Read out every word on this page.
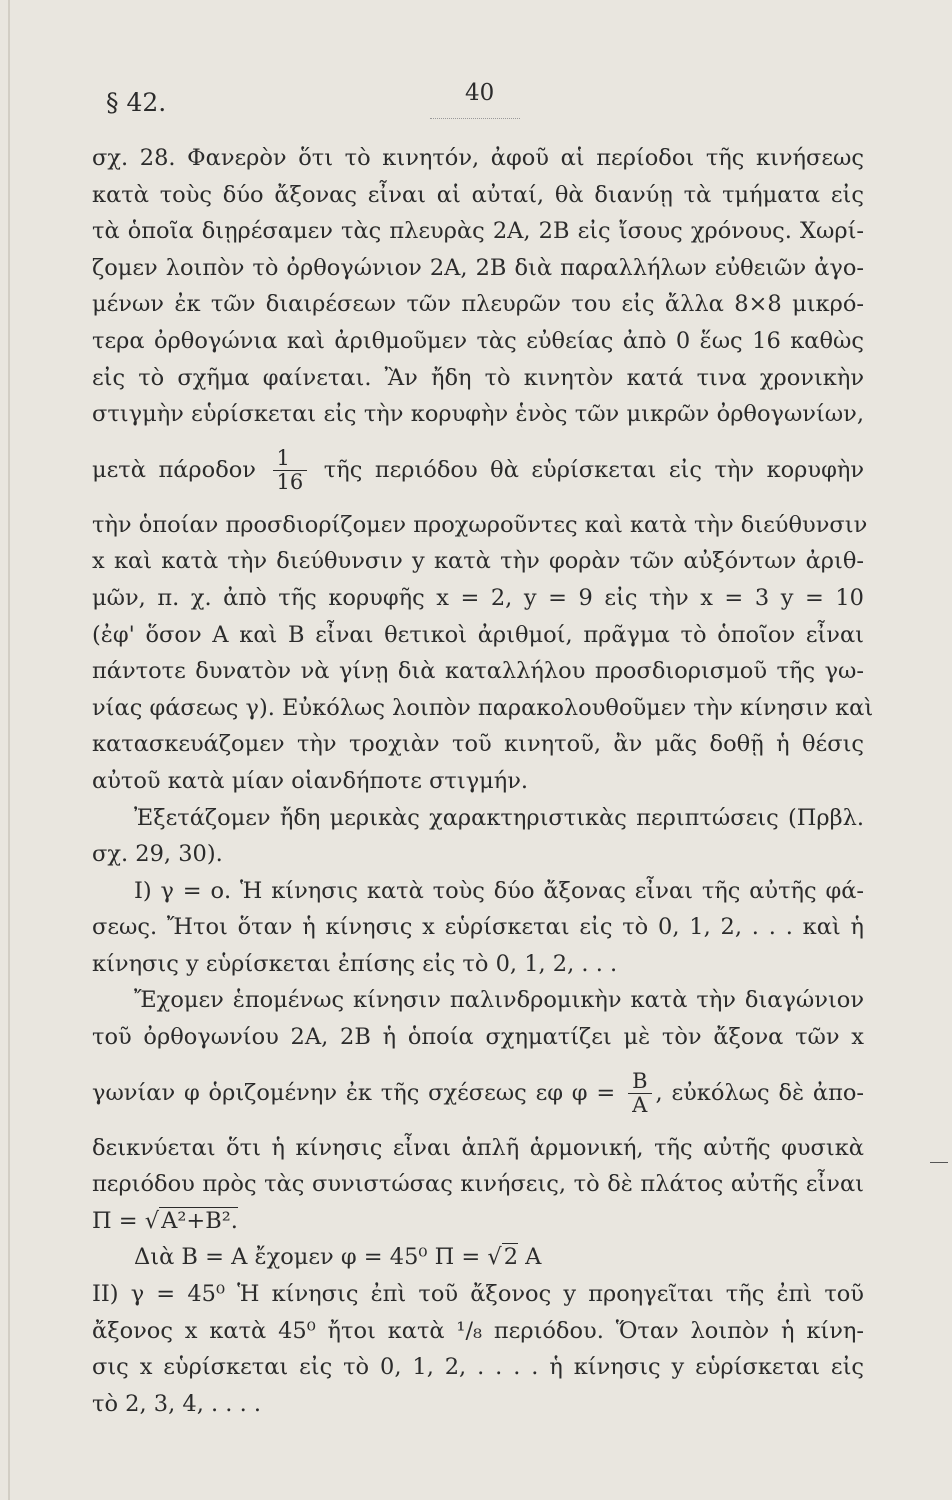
§ 42.	40
σχ. 28. Φανερὸν ὅτι τὸ κινητόν, ἀφοῦ αἱ περίοδοι τῆς κινήσεως
κατὰ τοὺς δύο ἄξονας εἶναι αἱ αὐταί, θὰ διανύῃ τὰ τμήματα εἰς
τὰ ὁποῖα διῃρέσαμεν τὰς πλευρὰς 2Α, 2Β εἰς ἴσους χρόνους. Χωρί-
ζομεν λοιπὸν τὸ ὀρθογώνιον 2Α, 2Β διὰ παραλλήλων εὐθειῶν ἀγο-
μένων ἐκ τῶν διαιρέσεων τῶν πλευρῶν του εἰς ἄλλα 8×8 μικρό-
τερα ὀρθογώνια καὶ ἀριθμοῦμεν τὰς εὐθείας ἀπὸ 0 ἕως 16 καθὼς
εἰς τὸ σχῆμα φαίνεται. Ἂν ἤδη τὸ κινητὸν κατά τινα χρονικὴν
στιγμὴν εὑρίσκεται εἰς τὴν κορυφὴν ἑνὸς τῶν μικρῶν ὀρθογωνίων,
μετὰ πάροδον $\frac{1}{16}$ τῆς περιόδου θὰ εὑρίσκεται εἰς τὴν κορυφὴν
τὴν ὁποίαν προσδιορίζομεν προχωροῦντες καὶ κατὰ τὴν διεύθυνσιν
x καὶ κατὰ τὴν διεύθυνσιν y κατὰ τὴν φορὰν τῶν αὐξόντων ἀριθ-
μῶν, π. χ. ἀπὸ τῆς κορυφῆς x = 2, y = 9 εἰς τὴν x = 3 y = 10
(ἐφ' ὅσον Α καὶ Β εἶναι θετικοὶ ἀριθμοί, πρᾶγμα τὸ ὁποῖον εἶναι
πάντοτε δυνατὸν νὰ γίνῃ διὰ καταλλήλου προσδιορισμοῦ τῆς γω-
νίας φάσεως γ). Εὐκόλως λοιπὸν παρακολουθοῦμεν τὴν κίνησιν καὶ
κατασκευάζομεν τὴν τροχιὰν τοῦ κινητοῦ, ἂν μᾶς δοθῇ ἡ θέσις
αὐτοῦ κατὰ μίαν οἱανδήποτε στιγμήν.
Ἐξετάζομεν ἤδη μερικὰς χαρακτηριστικὰς περιπτώσεις (Πρβλ.
σχ. 29, 30).
Ι) γ = ο. Ἡ κίνησις κατὰ τοὺς δύο ἄξονας εἶναι τῆς αὐτῆς φά-
σεως. Ἤτοι ὅταν ἡ κίνησις x εὑρίσκεται εἰς τὸ 0, 1, 2, . . . καὶ ἡ
κίνησις y εὑρίσκεται ἐπίσης εἰς τὸ 0, 1, 2, . . .
Ἔχομεν ἑπομένως κίνησιν παλινδρομικὴν κατὰ τὴν διαγώνιον
τοῦ ὀρθογωνίου 2Α, 2Β ἡ ὁποία σχηματίζει μὲ τὸν ἄξονα τῶν x
γωνίαν φ ὁριζομένην ἐκ τῆς σχέσεως εφ $\varphi = \frac{B}{A}$ , εὐκόλως δὲ ἀπο-
δεικνύεται ὅτι ἡ κίνησις εἶναι ἁπλῆ ἁρμονική, τῆς αὐτῆς φυσικὰ
περιόδου πρὸς τὰς συνιστώσας κινήσεις, τὸ δὲ πλάτος αὐτῆς εἶναι
Π = √Α²+Β².
Διὰ Β = Α ἔχομεν φ = 45⁰ Π = √2 Α
ΙΙ) γ = 45⁰ Ἡ κίνησις ἐπὶ τοῦ ἄξονος y προηγεῖται τῆς ἐπὶ τοῦ
ἄξονος x κατὰ 45⁰ ἤτοι κατὰ ¹/₈ περιόδου. Ὅταν λοιπὸν ἡ κίνη-
σις x εὑρίσκεται εἰς τὸ 0, 1, 2, . . . . ἡ κίνησις y εὑρίσκεται εἰς
τὸ 2, 3, 4, . . . .
